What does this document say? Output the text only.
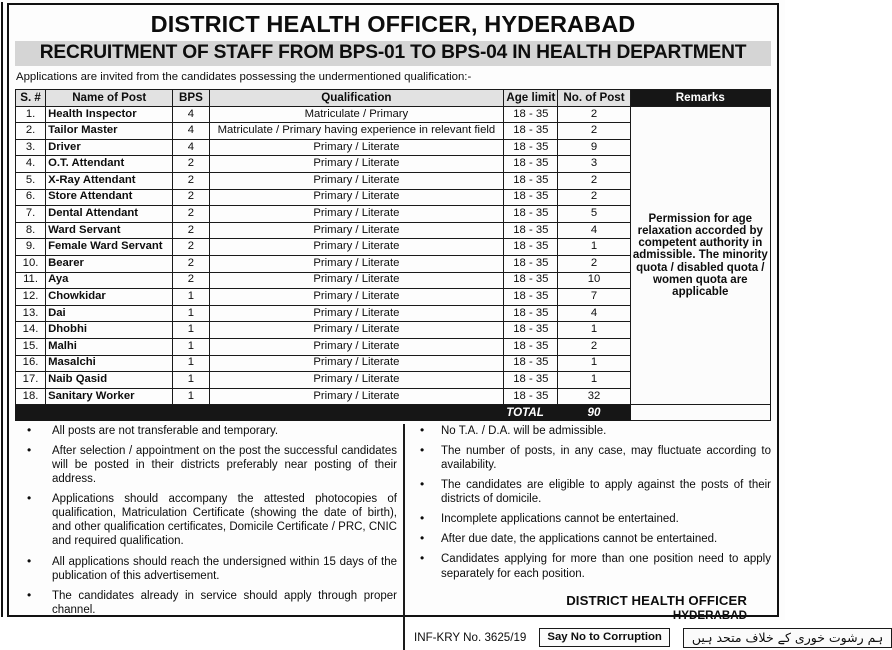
DISTRICT HEALTH OFFICER, HYDERABAD
RECRUITMENT OF STAFF FROM BPS-01 TO BPS-04 IN HEALTH DEPARTMENT
Applications are invited from the candidates possessing the undermentioned qualification:-
S. #	Name of Post	BPS	Qualification	Age limit	No. of Post	Remarks
1.	Health Inspector	4	Matriculate / Primary	18 - 35	2	Permission for age relaxation accorded by competent authority in admissible. The minority quota / disabled quota / women quota are applicable
2.	Tailor Master	4	Matriculate / Primary having experience in relevant field	18 - 35	2	
3.	Driver	4	Primary / Literate	18 - 35	9	
4.	O.T. Attendant	2	Primary / Literate	18 - 35	3	
5.	X-Ray Attendant	2	Primary / Literate	18 - 35	2	
6.	Store Attendant	2	Primary / Literate	18 - 35	2	
7.	Dental Attendant	2	Primary / Literate	18 - 35	5	
8.	Ward Servant	2	Primary / Literate	18 - 35	4	
9.	Female Ward Servant	2	Primary / Literate	18 - 35	1	
10.	Bearer	2	Primary / Literate	18 - 35	2	
11.	Aya	2	Primary / Literate	18 - 35	10	
12.	Chowkidar	1	Primary / Literate	18 - 35	7	
13.	Dai	1	Primary / Literate	18 - 35	4	
14.	Dhobhi	1	Primary / Literate	18 - 35	1	
15.	Malhi	1	Primary / Literate	18 - 35	2	
16.	Masalchi	1	Primary / Literate	18 - 35	1	
17.	Naib Qasid	1	Primary / Literate	18 - 35	1	
18.	Sanitary Worker	1	Primary / Literate	18 - 35	32	
				TOTAL	90	
• All posts are not transferable and temporary.
• After selection / appointment on the post the successful candidates will be posted in their districts preferably near posting of their address.
• Applications should accompany the attested photocopies of qualification, Matriculation Certificate (showing the date of birth), and other qualification certificates, Domicile Certificate / PRC, CNIC and required qualification.
• All applications should reach the undersigned within 15 days of the publication of this advertisement.
• The candidates already in service should apply through proper channel.
• No T.A. / D.A. will be admissible.
• The number of posts, in any case, may fluctuate according to availability.
• The candidates are eligible to apply against the posts of their districts of domicile.
• Incomplete applications cannot be entertained.
• After due date, the applications cannot be entertained.
• Candidates applying for more than one position need to apply separately for each position.
DISTRICT HEALTH OFFICER
HYDERABAD
INF-KRY No. 3625/19	Say No to Corruption	ہم رشوت خوری کے خلاف متحد ہیں
